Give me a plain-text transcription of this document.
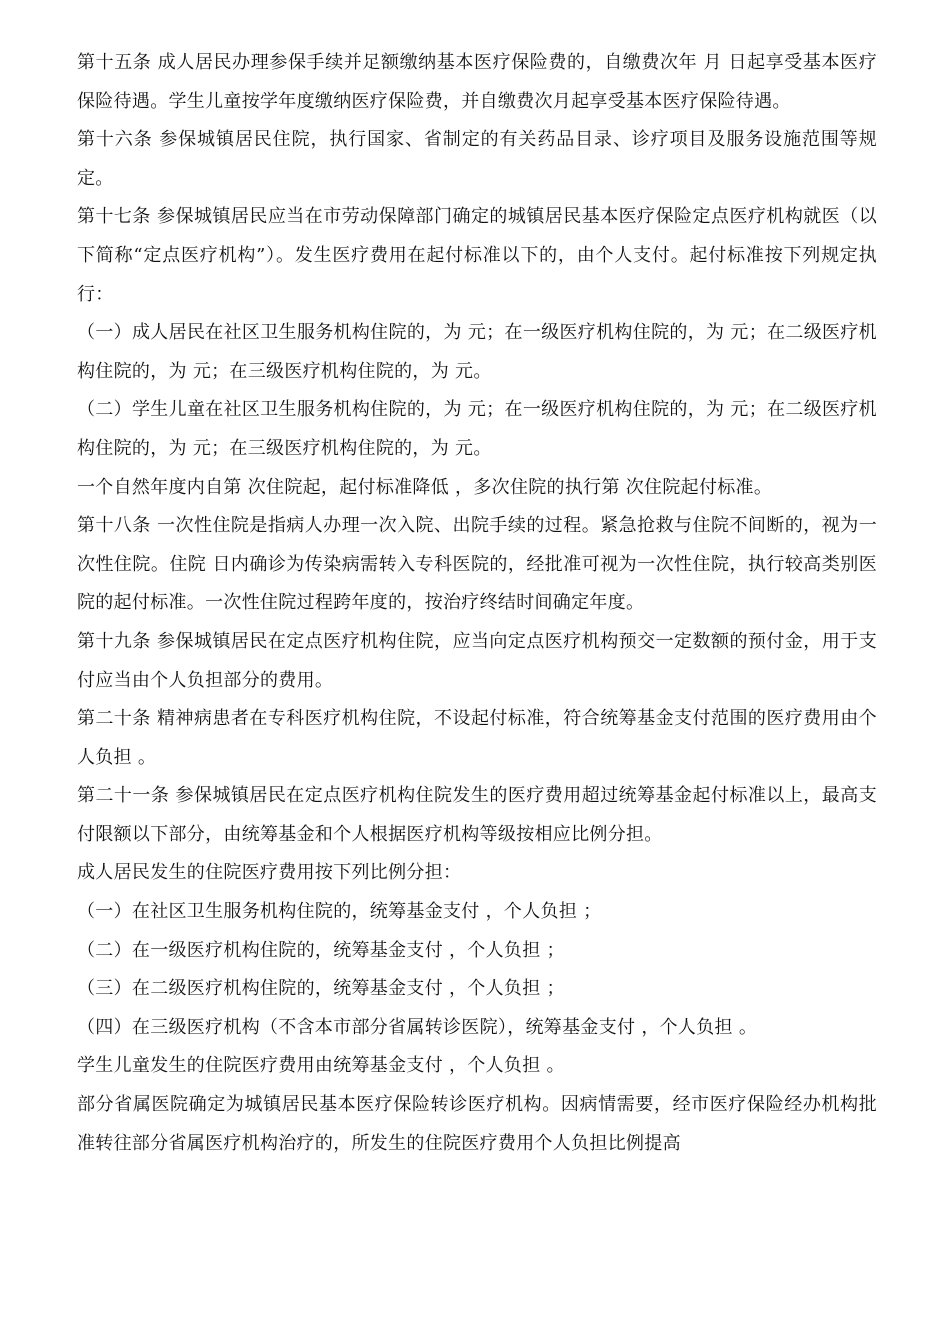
第十五条 成人居民办理参保手续并足额缴纳基本医疗保险费的，自缴费次年 月 日起享受基本医疗保险待遇。学生儿童按学年度缴纳医疗保险费，并自缴费次月起享受基本医疗保险待遇。

第十六条 参保城镇居民住院，执行国家、省制定的有关药品目录、诊疗项目及服务设施范围等规定。

第十七条 参保城镇居民应当在市劳动保障部门确定的城镇居民基本医疗保险定点医疗机构就医（以下简称“定点医疗机构”）。发生医疗费用在起付标准以下的，由个人支付。起付标准按下列规定执行：

（一）成人居民在社区卫生服务机构住院的，为 元；在一级医疗机构住院的，为 元；在二级医疗机构住院的，为 元；在三级医疗机构住院的，为 元。

（二）学生儿童在社区卫生服务机构住院的，为 元；在一级医疗机构住院的，为 元；在二级医疗机构住院的，为 元；在三级医疗机构住院的，为 元。

一个自然年度内自第 次住院起，起付标准降低 ，多次住院的执行第 次住院起付标准。

第十八条 一次性住院是指病人办理一次入院、出院手续的过程。紧急抢救与住院不间断的，视为一次性住院。住院 日内确诊为传染病需转入专科医院的，经批准可视为一次性住院，执行较高类别医院的起付标准。一次性住院过程跨年度的，按治疗终结时间确定年度。

第十九条 参保城镇居民在定点医疗机构住院，应当向定点医疗机构预交一定数额的预付金，用于支付应当由个人负担部分的费用。

第二十条 精神病患者在专科医疗机构住院，不设起付标准，符合统筹基金支付范围的医疗费用由个人负担 。

第二十一条 参保城镇居民在定点医疗机构住院发生的医疗费用超过统筹基金起付标准以上，最高支付限额以下部分，由统筹基金和个人根据医疗机构等级按相应比例分担。

成人居民发生的住院医疗费用按下列比例分担：

（一）在社区卫生服务机构住院的，统筹基金支付 ，个人负担 ；

（二）在一级医疗机构住院的，统筹基金支付 ，个人负担 ；

（三）在二级医疗机构住院的，统筹基金支付 ，个人负担 ；

（四）在三级医疗机构（不含本市部分省属转诊医院），统筹基金支付 ，个人负担 。

学生儿童发生的住院医疗费用由统筹基金支付 ，个人负担 。

部分省属医院确定为城镇居民基本医疗保险转诊医疗机构。因病情需要，经市医疗保险经办机构批准转往部分省属医疗机构治疗的，所发生的住院医疗费用个人负担比例提高
